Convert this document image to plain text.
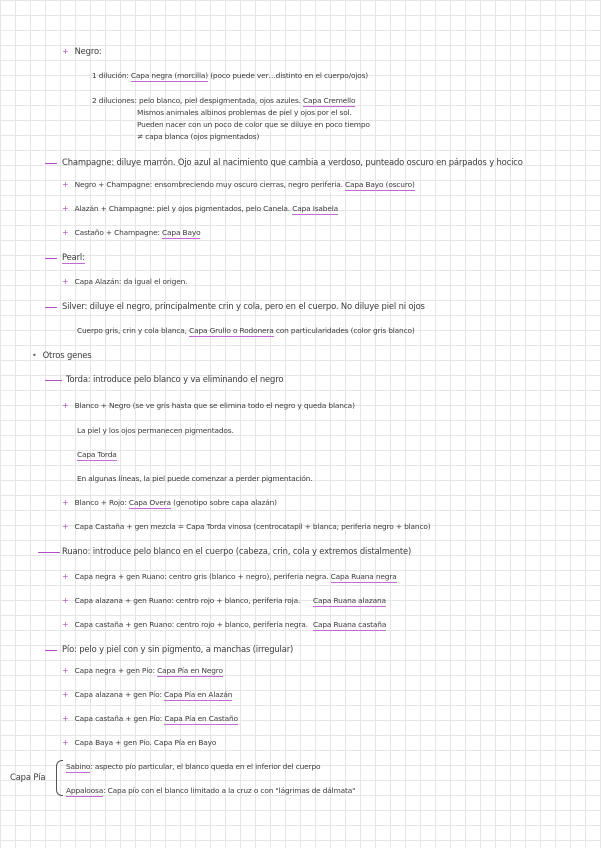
+ Negro:
1 dilución: Capa negra (morcilla) (poco puede ver…distinto en el cuerpo/ojos)
2 diluciones: pelo blanco, piel despigmentada, ojos azules. Capa Cremello
Mismos animales albinos problemas de piel y ojos por el sol.
Pueden nacer con un poco de color que se diluye en poco tiempo
≠ capa blanca (ojos pigmentados)
Champagne: diluye marrón. Ojo azul al nacimiento que cambia a verdoso, punteado oscuro en párpados y hocico
+ Negro + Champagne: ensombreciendo muy oscuro cierras, negro periferia. Capa Bayo (oscuro)
+ Alazán + Champagne: piel y ojos pigmentados, pelo Canela. Capa Isabela
+ Castaño + Champagne: Capa Bayo
Pearl:
+ Capa Alazán: da igual el origen.
Silver: diluye el negro, principalmente crin y cola, pero en el cuerpo. No diluye piel ni ojos
Cuerpo gris, crin y cola blanca, Capa Grullo o Rodonera con particularidades (color gris blanco)
• Otros genes
Torda: introduce pelo blanco y va eliminando el negro
+ Blanco + Negro (se ve gris hasta que se elimina todo el negro y queda blanca)
La piel y los ojos permanecen pigmentados.
Capa Torda
En algunas líneas, la piel puede comenzar a perder pigmentación.
+ Blanco + Rojo: Capa Overa (genotipo sobre capa alazán)
+ Capa Castaña + gen mezcla = Capa Torda vinosa (centrocatapil + blanca; periferia negro + blanco)
Ruano: introduce pelo blanco en el cuerpo (cabeza, crin, cola y extremos distalmente)
+ Capa negra + gen Ruano: centro gris (blanco + negro), periferia negra. Capa Ruana negra
+ Capa alazana + gen Ruano: centro rojo + blanco, periferia roja. Capa Ruana alazana
+ Capa castaña + gen Ruano: centro rojo + blanco, periferia negra. Capa Ruana castaña
Pío: pelo y piel con y sin pigmento, a manchas (irregular)
+ Capa negra + gen Pío: Capa Pía en Negro
+ Capa alazana + gen Pío: Capa Pía en Alazán
+ Capa castaña + gen Pío: Capa Pía en Castaño
+ Capa Baya + gen Pío. Capa Pía en Bayo
Capa Pía
Sabino: aspecto pío particular, el blanco queda en el inferior del cuerpo
Appaloosa: Capa pío con el blanco limitado a la cruz o con "lágrimas de dálmata"
